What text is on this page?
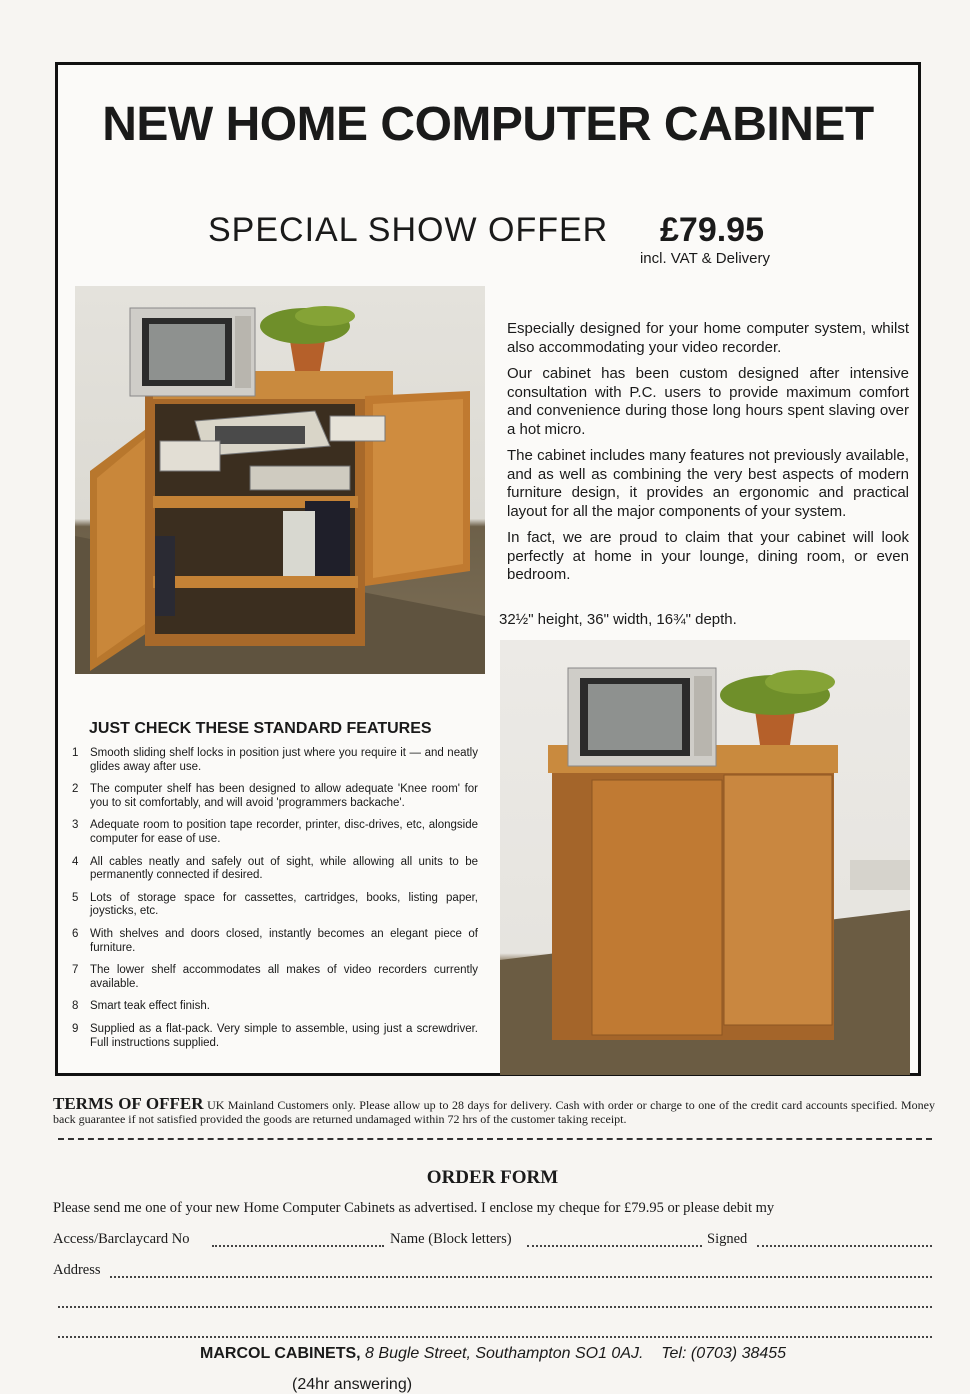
NEW HOME COMPUTER CABINET
SPECIAL SHOW OFFER £79.95
incl. VAT & Delivery

Especially designed for your home computer system, whilst also accommodating your video recorder.

Our cabinet has been custom designed after intensive consultation with P.C. users to provide maximum comfort and convenience during those long hours spent slaving over a hot micro.

The cabinet includes many features not previously available, and as well as combining the very best aspects of modern furniture design, it provides an ergonomic and practical layout for all the major components of your system.

In fact, we are proud to claim that your cabinet will look perfectly at home in your lounge, dining room, or even bedroom.

32½" height, 36" width, 16¾" depth.
JUST CHECK THESE STANDARD FEATURES
1	Smooth sliding shelf locks in position just where you require it — and neatly glides away after use.
2	The computer shelf has been designed to allow adequate 'Knee room' for you to sit comfortably, and will avoid 'programmers backache'.
3	Adequate room to position tape recorder, printer, disc-drives, etc, alongside computer for ease of use.
4	All cables neatly and safely out of sight, while allowing all units to be permanently connected if desired.
5	Lots of storage space for cassettes, cartridges, books, listing paper, joysticks, etc.
6	With shelves and doors closed, instantly becomes an elegant piece of furniture.
7	The lower shelf accommodates all makes of video recorders currently available.
8	Smart teak effect finish.
9	Supplied as a flat-pack. Very simple to assemble, using just a screwdriver. Full instructions supplied.
TERMS OF OFFER UK Mainland Customers only. Please allow up to 28 days for delivery. Cash with order or charge to one of the credit card accounts specified. Money back guarantee if not satisfied provided the goods are returned undamaged within 72 hrs of the customer taking receipt.
ORDER FORM
Please send me one of your new Home Computer Cabinets as advertised. I enclose my cheque for £79.95 or please debit my
Access/Barclaycard No	Name (Block letters)	Signed
Address
MARCOL CABINETS, 8 Bugle Street, Southampton SO1 0AJ. Tel: (0703) 38455
(24hr answering)
